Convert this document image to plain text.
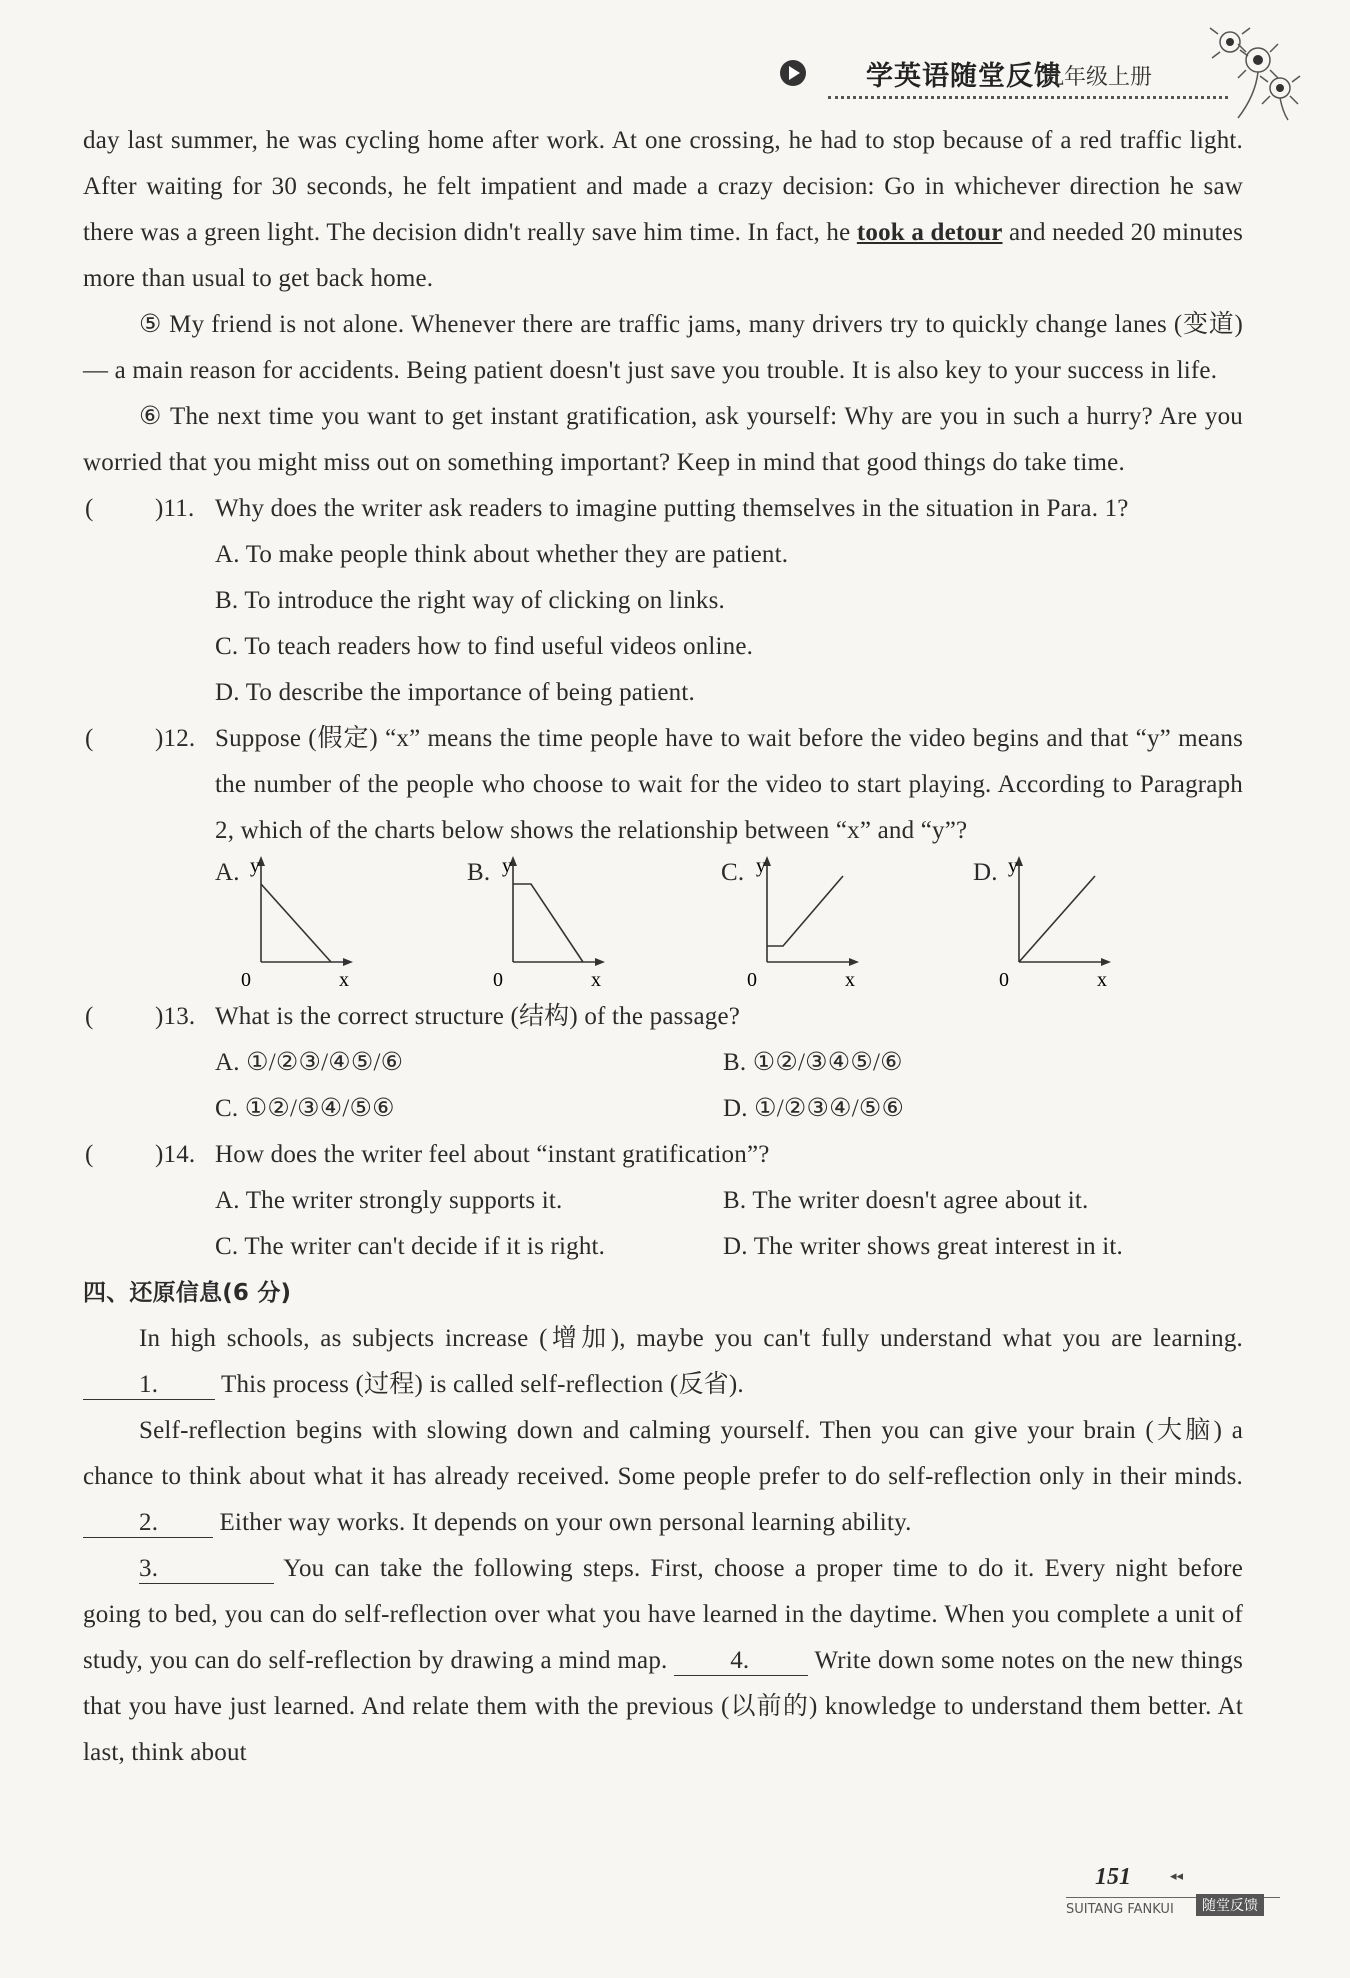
学英语随堂反馈
九年级上册

day last summer, he was cycling home after work. At one crossing, he had to stop because of a red traffic light. After waiting for 30 seconds, he felt impatient and made a crazy decision: Go in whichever direction he saw there was a green light. The decision didn't really save him time. In fact, he took a detour and needed 20 minutes more than usual to get back home.

⑤ My friend is not alone. Whenever there are traffic jams, many drivers try to quickly change lanes (变道) — a main reason for accidents. Being patient doesn't just save you trouble. It is also key to your success in life.

⑥ The next time you want to get instant gratification, ask yourself: Why are you in such a hurry? Are you worried that you might miss out on something important? Keep in mind that good things do take time.

( )11. Why does the writer ask readers to imagine putting themselves in the situation in Para. 1?

A. To make people think about whether they are patient.

B. To introduce the right way of clicking on links.

C. To teach readers how to find useful videos online.

D. To describe the importance of being patient.

( )12. Suppose (假定) “x” means the time people have to wait before the video begins and that “y” means the number of the people who choose to wait for the video to start playing. According to Paragraph 2, which of the charts below shows the relationship between “x” and “y”?

A. y
x
0
B. y
x
0
C. y
x
0
D. y
x
0

( )13. What is the correct structure (结构) of the passage?

A. ①/②③/④⑤/⑥	B. ①②/③④⑤/⑥
C. ①②/③④/⑤⑥	D. ①/②③④/⑤⑥

( )14. How does the writer feel about “instant gratification”?

A. The writer strongly supports it.	B. The writer doesn't agree about it.
C. The writer can't decide if it is right.	D. The writer shows great interest in it.

四、还原信息(6 分)

In high schools, as subjects increase (增加), maybe you can't fully understand what you are learning. 1. This process (过程) is called self-reflection (反省).

Self-reflection begins with slowing down and calming yourself. Then you can give your brain (大脑) a chance to think about what it has already received. Some people prefer to do self-reflection only in their minds. 2. Either way works. It depends on your own personal learning ability.

3.	You can take the following steps. First, choose a proper time to do it. Every night before going to bed, you can do self-reflection over what you have learned in the daytime. When you complete a unit of study, you can do self-reflection by drawing a mind map. 4. Write down some notes on the new things that you have just learned. And relate them with the previous (以前的) knowledge to understand them better. At last, think about

151	◂◂
SUITANG FANKUI	随堂反馈
